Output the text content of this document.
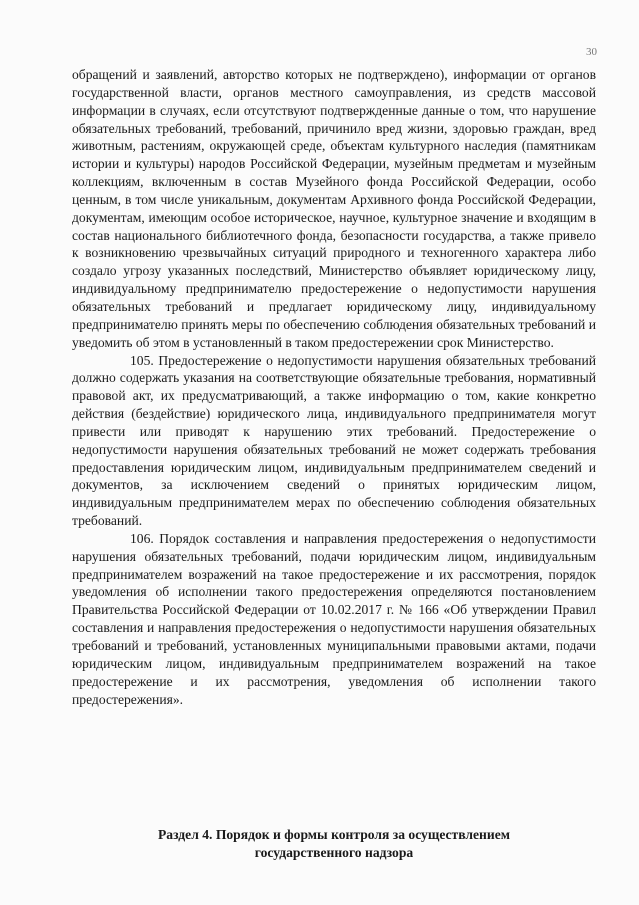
30

обращений и заявлений, авторство которых не подтверждено), информации от органов государственной власти, органов местного самоуправления, из средств массовой информации в случаях, если отсутствуют подтвержденные данные о том, что нарушение обязательных требований, требований, причинило вред жизни, здоровью граждан, вред животным, растениям, окружающей среде, объектам культурного наследия (памятникам истории и культуры) народов Российской Федерации, музейным предметам и музейным коллекциям, включенным в состав Музейного фонда Российской Федерации, особо ценным, в том числе уникальным, документам Архивного фонда Российской Федерации, документам, имеющим особое историческое, научное, культурное значение и входящим в состав национального библиотечного фонда, безопасности государства, а также привело к возникновению чрезвычайных ситуаций природного и техногенного характера либо создало угрозу указанных последствий, Министерство объявляет юридическому лицу, индивидуальному предпринимателю предостережение о недопустимости нарушения обязательных требований и предлагает юридическому лицу, индивидуальному предпринимателю принять меры по обеспечению соблюдения обязательных требований и уведомить об этом в установленный в таком предостережении срок Министерство.

105. Предостережение о недопустимости нарушения обязательных требований должно содержать указания на соответствующие обязательные требования, нормативный правовой акт, их предусматривающий, а также информацию о том, какие конкретно действия (бездействие) юридического лица, индивидуального предпринимателя могут привести или приводят к нарушению этих требований. Предостережение о недопустимости нарушения обязательных требований не может содержать требования предоставления юридическим лицом, индивидуальным предпринимателем сведений и документов, за исключением сведений о принятых юридическим лицом, индивидуальным предпринимателем мерах по обеспечению соблюдения обязательных требований.

106. Порядок составления и направления предостережения о недопустимости нарушения обязательных требований, подачи юридическим лицом, индивидуальным предпринимателем возражений на такое предостережение и их рассмотрения, порядок уведомления об исполнении такого предостережения определяются постановлением Правительства Российской Федерации от 10.02.2017 г. № 166 «Об утверждении Правил составления и направления предостережения о недопустимости нарушения обязательных требований и требований, установленных муниципальными правовыми актами, подачи юридическим лицом, индивидуальным предпринимателем возражений на такое предостережение и их рассмотрения, уведомления об исполнении такого предостережения».

Раздел 4. Порядок и формы контроля за осуществлением
государственного надзора
